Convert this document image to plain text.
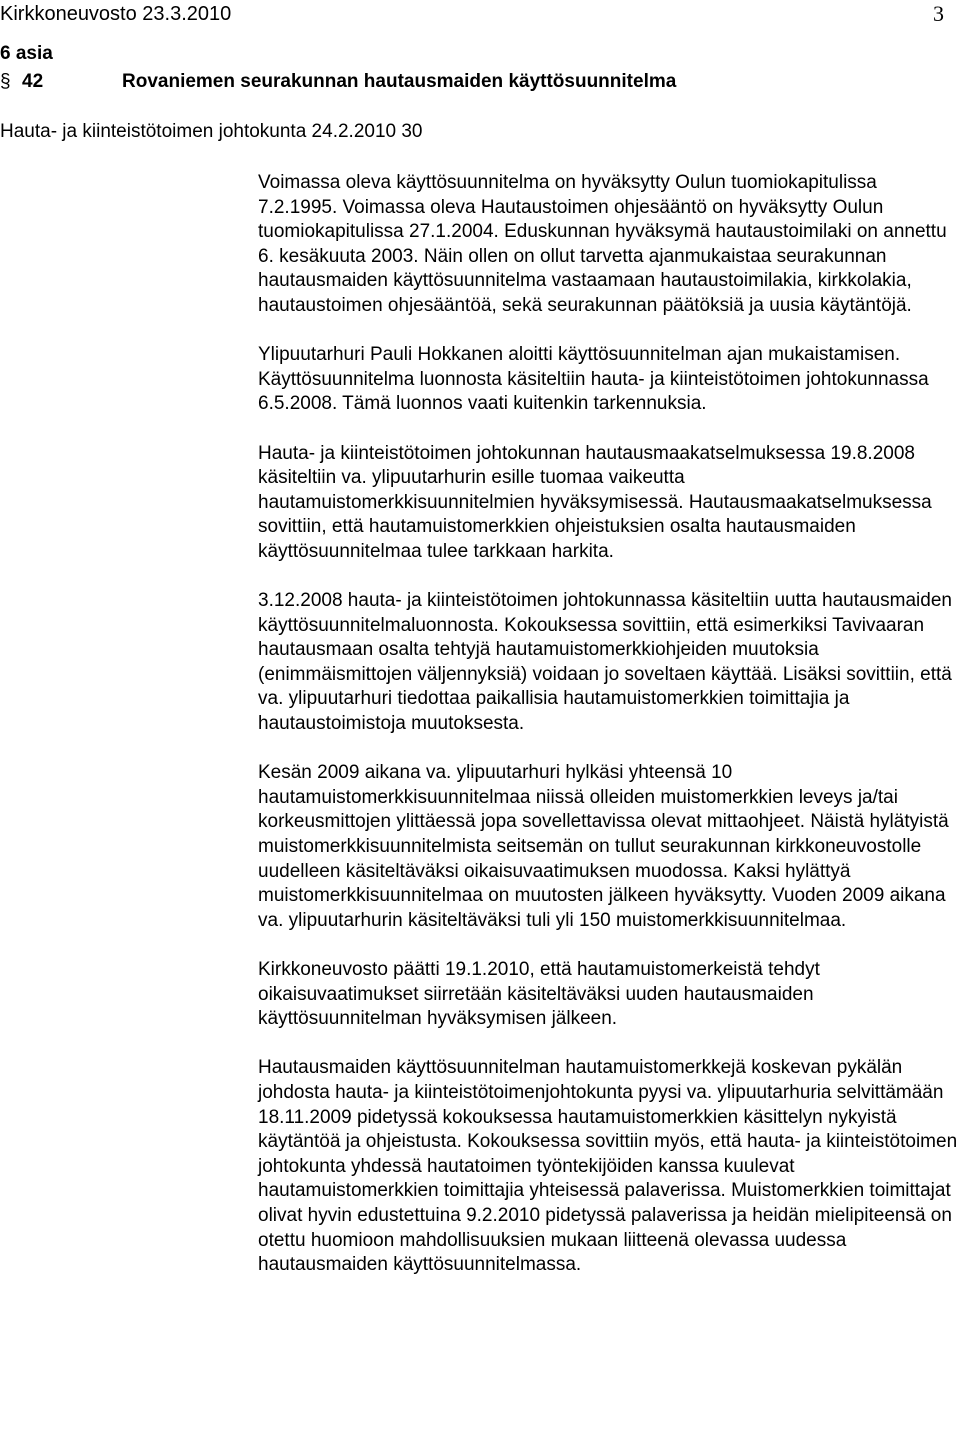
Kirkkoneuvosto 23.3.2010	3
6 asia
§ 42	Rovaniemen seurakunnan hautausmaiden käyttösuunnitelma
Hauta- ja kiinteistötoimen johtokunta 24.2.2010 30

Voimassa oleva käyttösuunnitelma on hyväksytty Oulun tuomiokapitulissa 7.2.1995. Voimassa oleva Hautaustoimen ohjesääntö on hyväksytty Oulun tuomiokapitulissa 27.1.2004. Eduskunnan hyväksymä hautaustoimilaki on annettu 6. kesäkuuta 2003. Näin ollen on ollut tarvetta ajanmukaistaa seurakunnan hautausmaiden käyttösuunnitelma vastaamaan hautaustoimilakia, kirkkolakia, hautaustoimen ohjesääntöä, sekä seurakunnan päätöksiä ja uusia käytäntöjä.

Ylipuutarhuri Pauli Hokkanen aloitti käyttösuunnitelman ajan mukaistamisen. Käyttösuunnitelma luonnosta käsiteltiin hauta- ja kiinteistötoimen johtokunnassa 6.5.2008. Tämä luonnos vaati kuitenkin tarkennuksia.

Hauta- ja kiinteistötoimen johtokunnan hautausmaakatselmuksessa 19.8.2008 käsiteltiin va. ylipuutarhurin esille tuomaa vaikeutta hautamuistomerkkisuunnitelmien hyväksymisessä. Hautausmaakatselmuksessa sovittiin, että hautamuistomerkkien ohjeistuksien osalta hautausmaiden käyttösuunnitelmaa tulee tarkkaan harkita.

3.12.2008 hauta- ja kiinteistötoimen johtokunnassa käsiteltiin uutta hautausmaiden käyttösuunnitelmaluonnosta. Kokouksessa sovittiin, että esimerkiksi Tavivaaran hautausmaan osalta tehtyjä hautamuistomerkkiohjeiden muutoksia (enimmäismittojen väljennyksiä) voidaan jo soveltaen käyttää. Lisäksi sovittiin, että va. ylipuutarhuri tiedottaa paikallisia hautamuistomerkkien toimittajia ja hautaustoimistoja muutoksesta.

Kesän 2009 aikana va. ylipuutarhuri hylkäsi yhteensä 10 hautamuistomerkkisuunnitelmaa niissä olleiden muistomerkkien leveys ja/tai korkeusmittojen ylittäessä jopa sovellettavissa olevat mittaohjeet. Näistä hylätyistä muistomerkkisuunnitelmista seitsemän on tullut seurakunnan kirkkoneuvostolle uudelleen käsiteltäväksi oikaisuvaatimuksen muodossa. Kaksi hylättyä muistomerkkisuunnitelmaa on muutosten jälkeen hyväksytty. Vuoden 2009 aikana va. ylipuutarhurin käsiteltäväksi tuli yli 150 muistomerkkisuunnitelmaa.

Kirkkoneuvosto päätti 19.1.2010, että hautamuistomerkeistä tehdyt oikaisuvaatimukset siirretään käsiteltäväksi uuden hautausmaiden käyttösuunnitelman hyväksymisen jälkeen.

Hautausmaiden käyttösuunnitelman hautamuistomerkkejä koskevan pykälän johdosta hauta- ja kiinteistötoimenjohtokunta pyysi va. ylipuutarhuria selvittämään 18.11.2009 pidetyssä kokouksessa hautamuistomerkkien käsittelyn nykyistä käytäntöä ja ohjeistusta. Kokouksessa sovittiin myös, että hauta- ja kiinteistötoimen johtokunta yhdessä hautatoimen työntekijöiden kanssa kuulevat hautamuistomerkkien toimittajia yhteisessä palaverissa. Muistomerkkien toimittajat olivat hyvin edustettuina 9.2.2010 pidetyssä palaverissa ja heidän mielipiteensä on otettu huomioon mahdollisuuksien mukaan liitteenä olevassa uudessa hautausmaiden käyttösuunnitelmassa.
